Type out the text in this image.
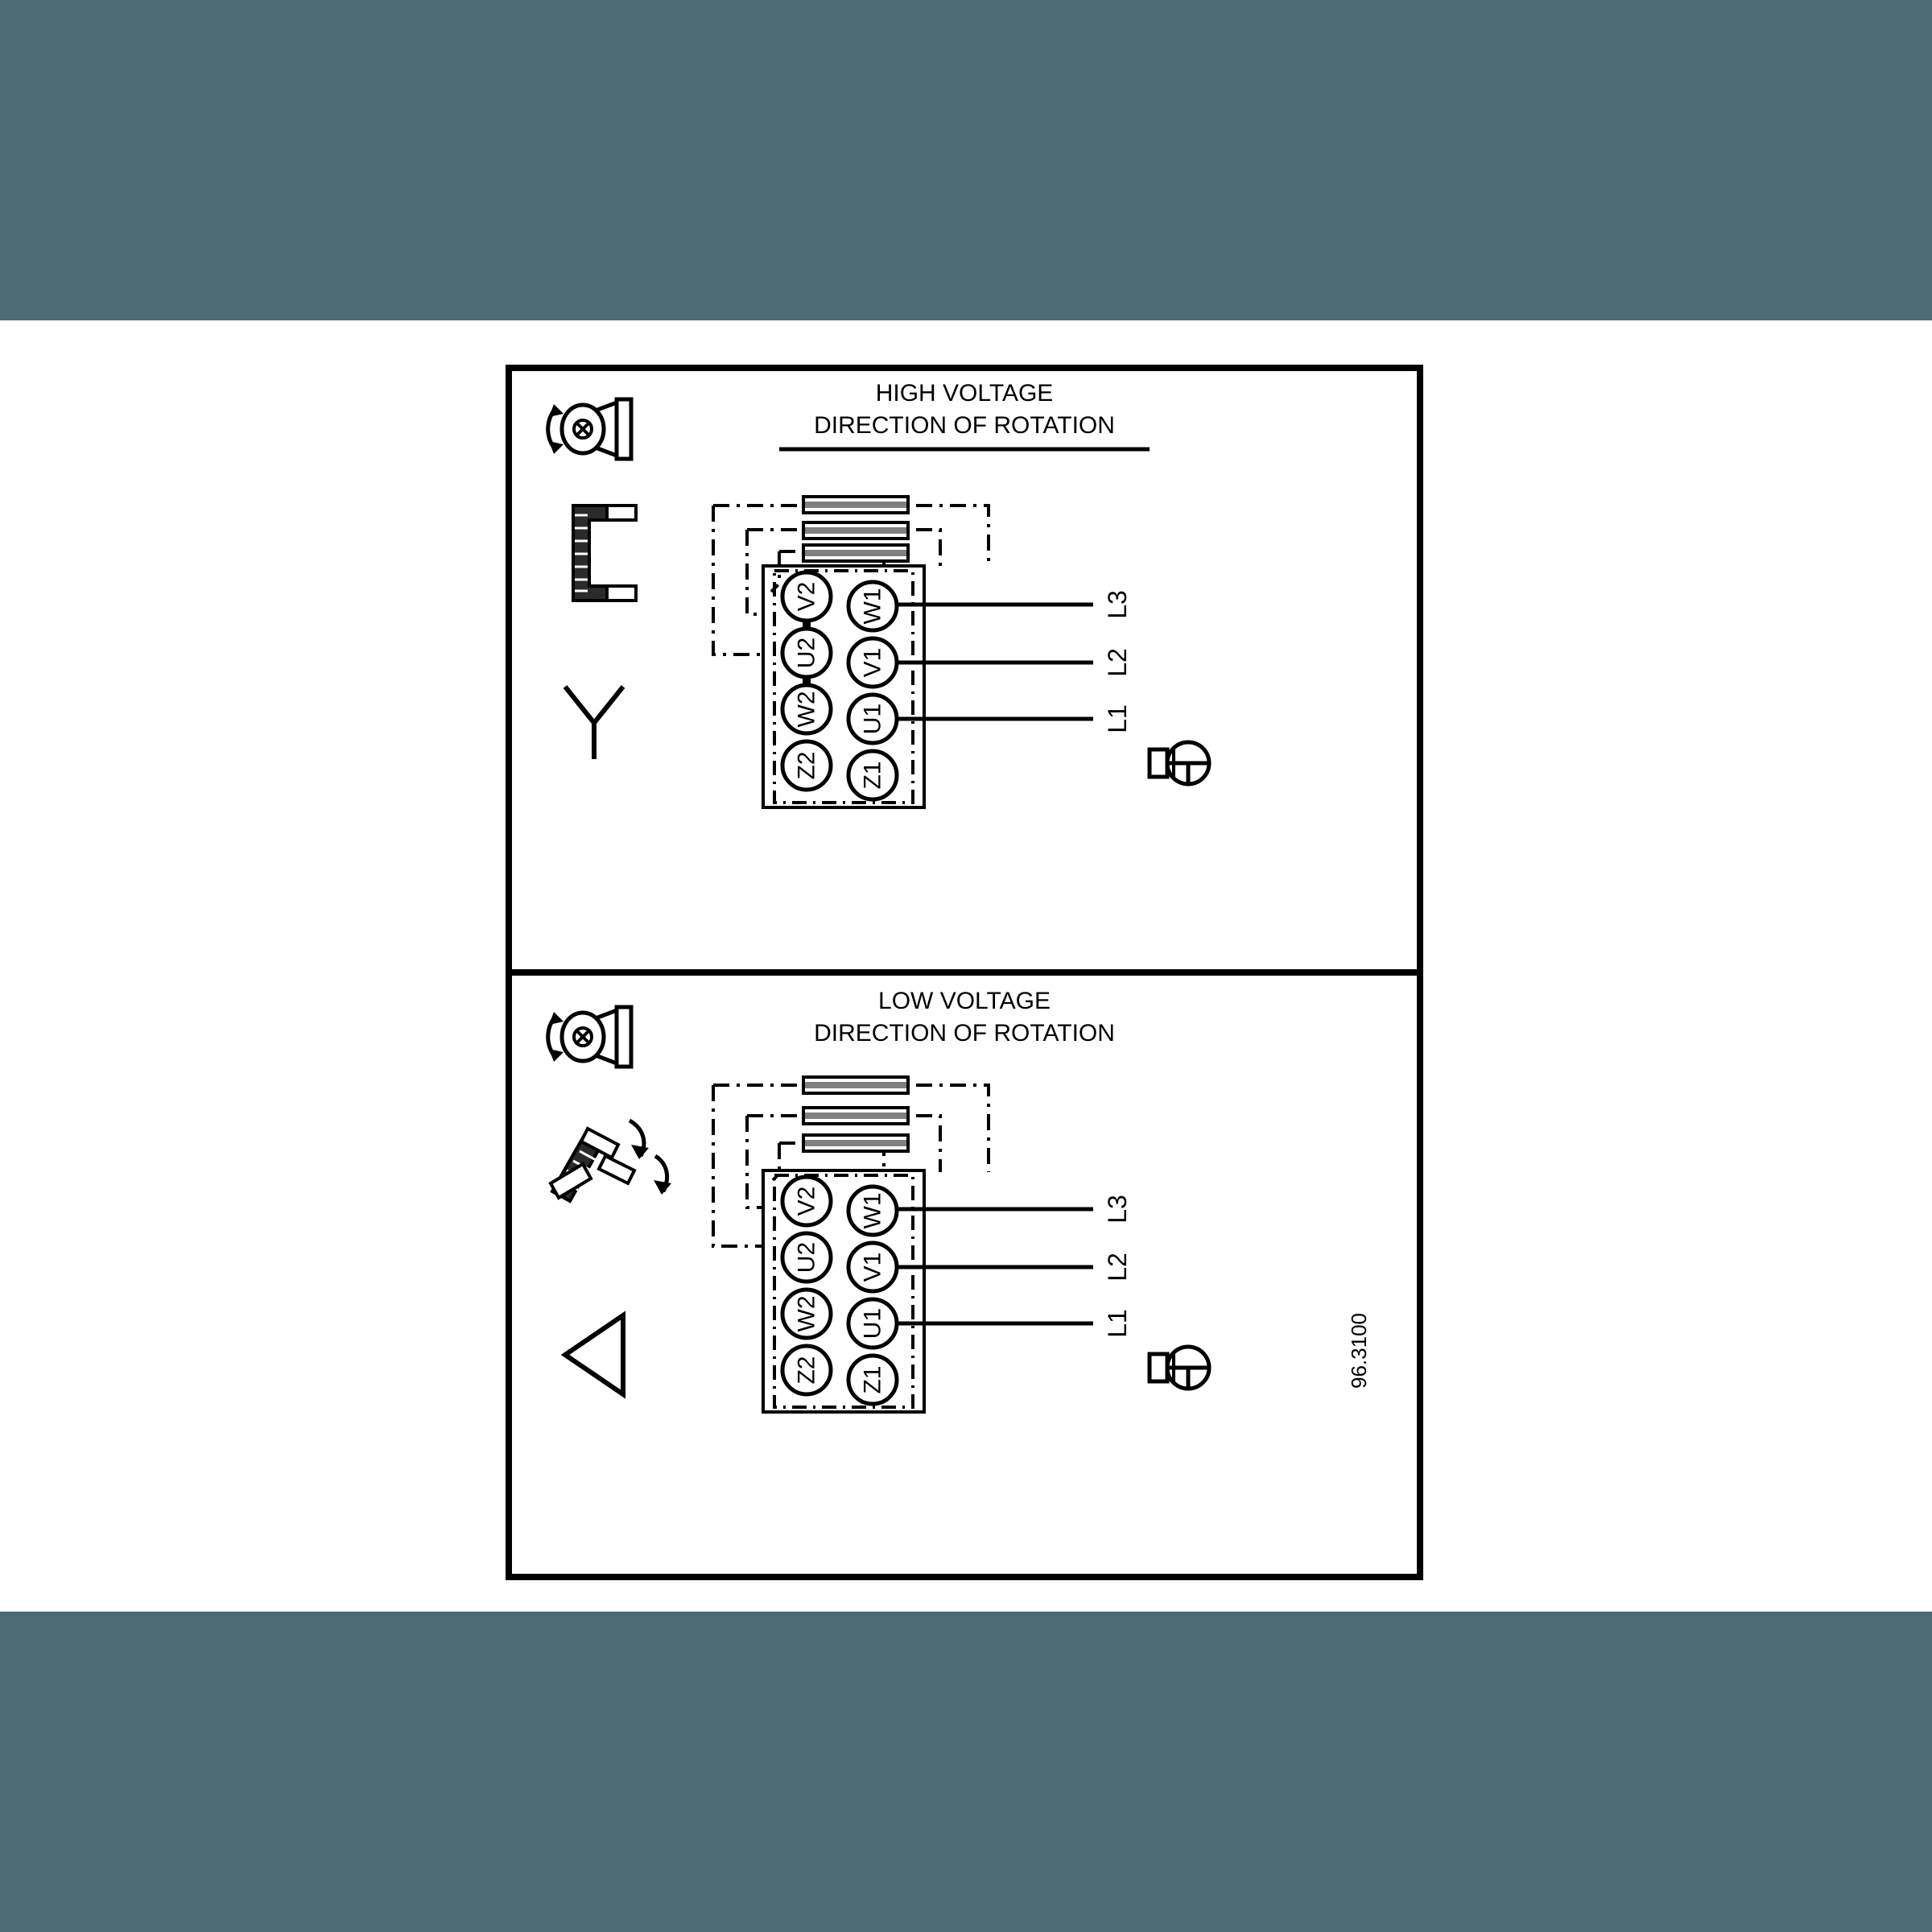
HIGH VOLTAGE
DIRECTION OF ROTATION
V2
U2
W2
Z2
W1
V1
U1
Z1
L3
L2
L1
LOW VOLTAGE
DIRECTION OF ROTATION
V2
U2
W2
Z2
W1
V1
U1
Z1
L3
L2
L1	96.3100
